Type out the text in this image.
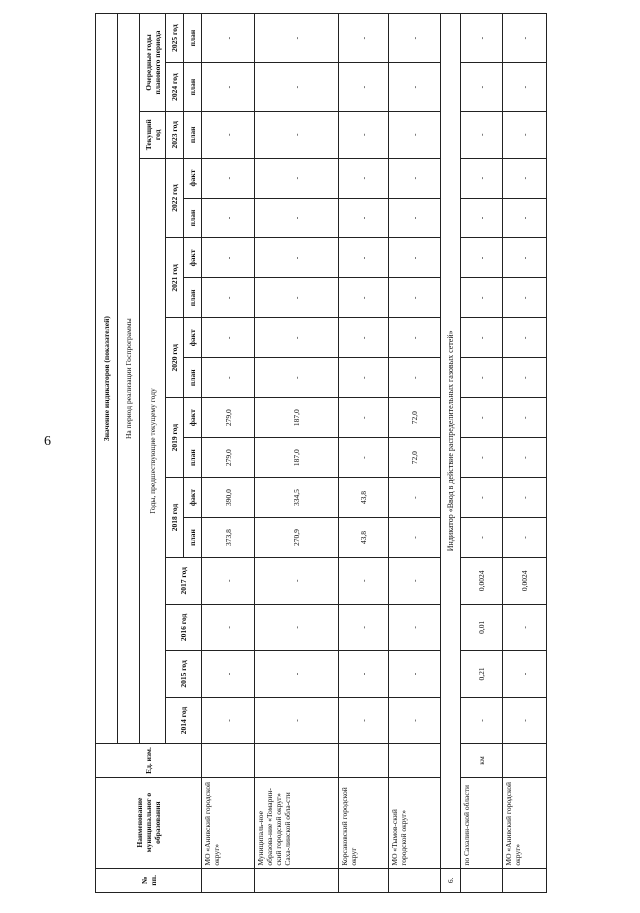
6
№ пп.	Наименование муниципальног о образования	Ед. изм.	Значение индикаторов (показателей)																
			На период реализации Госпрограммы																
			Годы, предшествующие текущему году														Текущий год	Очередные годы планового периода	
			2014 год	2015 год	2016 год	2017 год	2018 год		2019 год		2020 год		2021 год		2022 год		2023 год	2024 год	2025 год
							план	факт	план	факт	план	факт	план	факт	план	факт	план	план	план
	МО «Анивский городской округ»		-	-	-	-	373,8	390,0	279,0	279,0	-	-	-	-	-	-	-	-	-
	Муниципаль-ное образова-ние «Томарин-ский городской округ» Саха-линской обла-сти		-	-	-	-	270,9	334,5	187,0	187,0	-	-	-	-	-	-	-	-	-
	Корсаковский городской округ		-	-	-	-	43,8	43,8	-	-	-	-	-	-	-	-	-	-	-
	МО «Тымов-ский городской округ»		-	-	-	-	-	-	72,0	72,0	-	-	-	-	-	-	-	-	-
6.	Индикатор «Ввод в действие распределительных газовых сетей»																		
	по Сахалин-ской области	км	-	0,21	0,01	0,0024	-	-	-	-	-	-	-	-	-	-	-	-	-
	МО «Анивский городской округ»		-	-	-	0,0024	-	-	-	-	-	-	-	-	-	-	-	-	-
